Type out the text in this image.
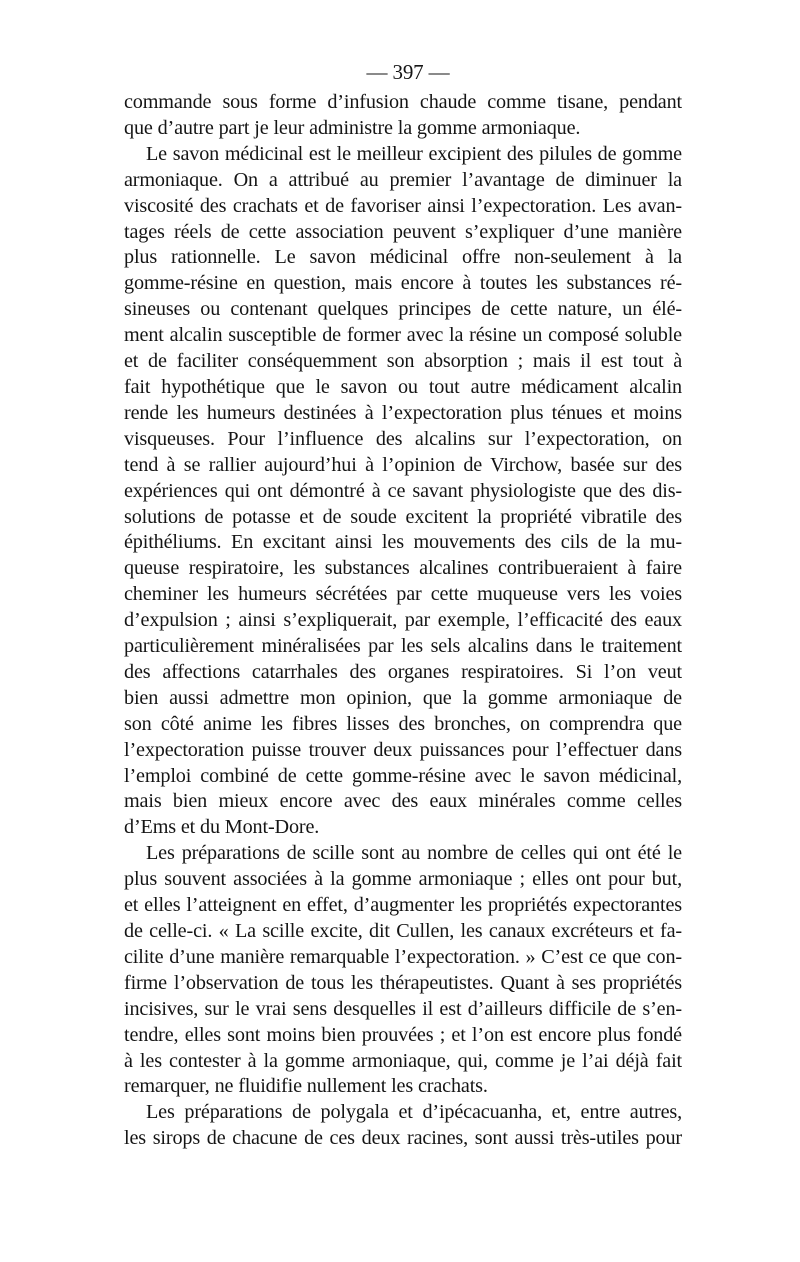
— 397 —

commande sous forme d’infusion chaude comme tisane, pendant
que d’autre part je leur administre la gomme armoniaque.

Le savon médicinal est le meilleur excipient des pilules de gomme
armoniaque. On a attribué au premier l’avantage de diminuer la
viscosité des crachats et de favoriser ainsi l’expectoration. Les avan-
tages réels de cette association peuvent s’expliquer d’une manière
plus rationnelle. Le savon médicinal offre non-seulement à la
gomme-résine en question, mais encore à toutes les substances ré-
sineuses ou contenant quelques principes de cette nature, un élé-
ment alcalin susceptible de former avec la résine un composé soluble
et de faciliter conséquemment son absorption ; mais il est tout à
fait hypothétique que le savon ou tout autre médicament alcalin
rende les humeurs destinées à l’expectoration plus ténues et moins
visqueuses. Pour l’influence des alcalins sur l’expectoration, on
tend à se rallier aujourd’hui à l’opinion de Virchow, basée sur des
expériences qui ont démontré à ce savant physiologiste que des dis-
solutions de potasse et de soude excitent la propriété vibratile des
épithéliums. En excitant ainsi les mouvements des cils de la mu-
queuse respiratoire, les substances alcalines contribueraient à faire
cheminer les humeurs sécrétées par cette muqueuse vers les voies
d’expulsion ; ainsi s’expliquerait, par exemple, l’efficacité des eaux
particulièrement minéralisées par les sels alcalins dans le traitement
des affections catarrhales des organes respiratoires. Si l’on veut
bien aussi admettre mon opinion, que la gomme armoniaque de
son côté anime les fibres lisses des bronches, on comprendra que
l’expectoration puisse trouver deux puissances pour l’effectuer dans
l’emploi combiné de cette gomme-résine avec le savon médicinal,
mais bien mieux encore avec des eaux minérales comme celles
d’Ems et du Mont-Dore.

Les préparations de scille sont au nombre de celles qui ont été le
plus souvent associées à la gomme armoniaque ; elles ont pour but,
et elles l’atteignent en effet, d’augmenter les propriétés expectorantes
de celle-ci. « La scille excite, dit Cullen, les canaux excréteurs et fa-
cilite d’une manière remarquable l’expectoration. » C’est ce que con-
firme l’observation de tous les thérapeutistes. Quant à ses propriétés
incisives, sur le vrai sens desquelles il est d’ailleurs difficile de s’en-
tendre, elles sont moins bien prouvées ; et l’on est encore plus fondé
à les contester à la gomme armoniaque, qui, comme je l’ai déjà fait
remarquer, ne fluidifie nullement les crachats.

Les préparations de polygala et d’ipécacuanha, et, entre autres,
les sirops de chacune de ces deux racines, sont aussi très-utiles pour
